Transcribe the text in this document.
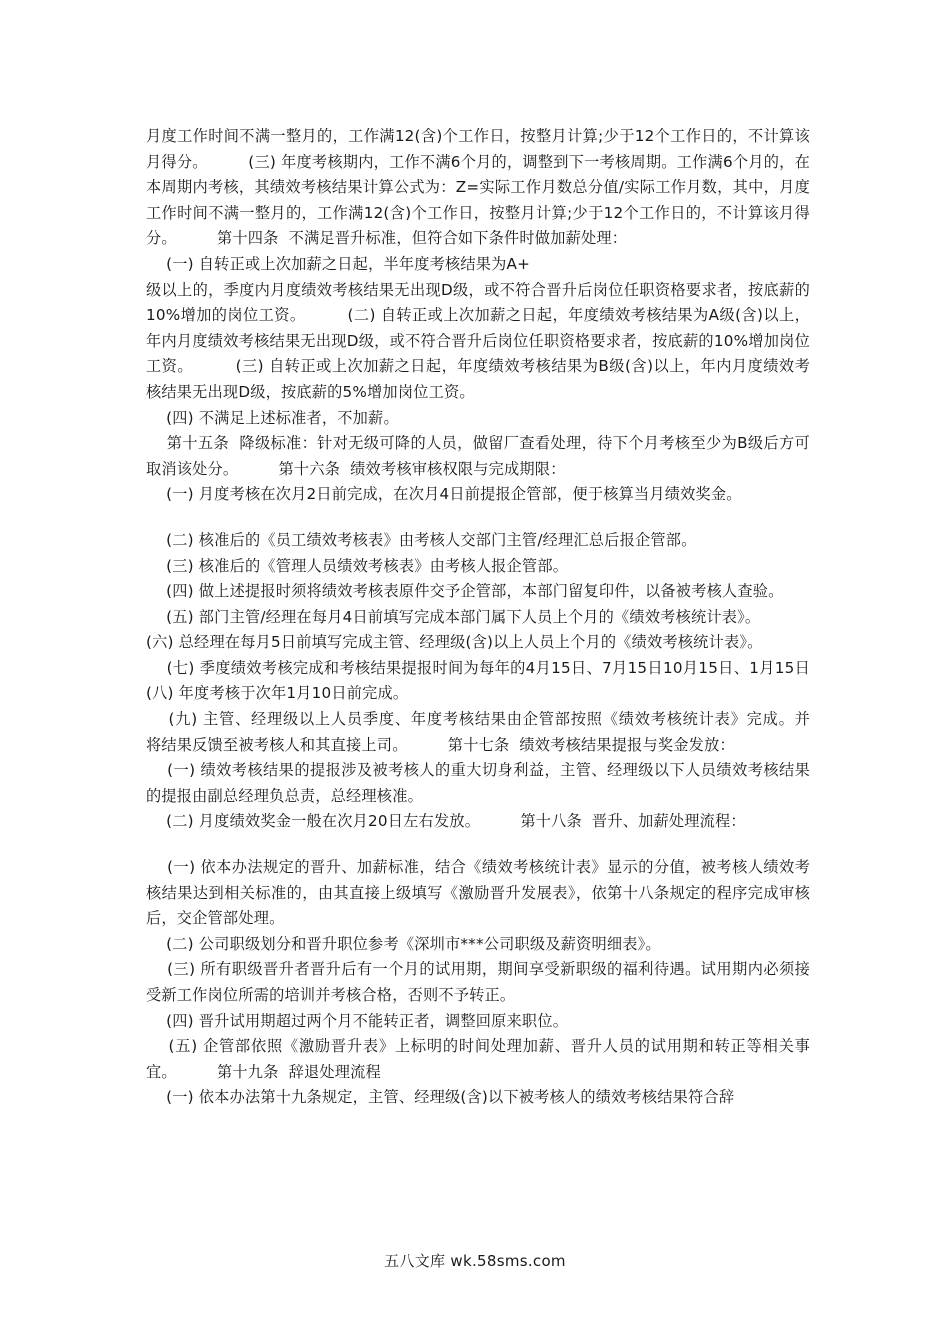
月度工作时间不满一整月的，工作满12(含)个工作日，按整月计算;少于12个工作日的，不计算该月得分。        (三) 年度考核期内，工作不满6个月的，调整到下一考核周期。工作满6个月的，在本周期内考核，其绩效考核结果计算公式为：Z=实际工作月数总分值/实际工作月数，其中，月度工作时间不满一整月的，工作满12(含)个工作日，按整月计算;少于12个工作日的，不计算该月得分。        第十四条  不满足晋升标准，但符合如下条件时做加薪处理：

(一) 自转正或上次加薪之日起，半年度考核结果为A+

级以上的，季度内月度绩效考核结果无出现D级，或不符合晋升后岗位任职资格要求者，按底薪的10%增加的岗位工资。        (二) 自转正或上次加薪之日起，年度绩效考核结果为A级(含)以上，年内月度绩效考核结果无出现D级，或不符合晋升后岗位任职资格要求者，按底薪的10%增加岗位工资。        (三) 自转正或上次加薪之日起，年度绩效考核结果为B级(含)以上，年内月度绩效考核结果无出现D级，按底薪的5%增加岗位工资。

(四) 不满足上述标准者，不加薪。

第十五条  降级标准：针对无级可降的人员，做留厂查看处理，待下个月考核至少为B级后方可取消该处分。        第十六条  绩效考核审核权限与完成期限：

(一) 月度考核在次月2日前完成，在次月4日前提报企管部，便于核算当月绩效奖金。

(二) 核准后的《员工绩效考核表》由考核人交部门主管/经理汇总后报企管部。

(三) 核准后的《管理人员绩效考核表》由考核人报企管部。

(四) 做上述提报时须将绩效考核表原件交予企管部，本部门留复印件，以备被考核人查验。

(五) 部门主管/经理在每月4日前填写完成本部门属下人员上个月的《绩效考核统计表》。

(六) 总经理在每月5日前填写完成主管、经理级(含)以上人员上个月的《绩效考核统计表》。

(七) 季度绩效考核完成和考核结果提报时间为每年的4月15日、7月15日10月15日、1月15日        (八) 年度考核于次年1月10日前完成。

(九) 主管、经理级以上人员季度、年度考核结果由企管部按照《绩效考核统计表》完成。并        将结果反馈至被考核人和其直接上司。        第十七条  绩效考核结果提报与奖金发放：

(一) 绩效考核结果的提报涉及被考核人的重大切身利益，主管、经理级以下人员绩效考核结果的提报由副总经理负总责，总经理核准。

(二) 月度绩效奖金一般在次月20日左右发放。        第十八条  晋升、加薪处理流程：

(一) 依本办法规定的晋升、加薪标准，结合《绩效考核统计表》显示的分值，被考核人绩效考核结果达到相关标准的，由其直接上级填写《激励晋升发展表》，依第十八条规定的程序完成审核后，交企管部处理。

(二) 公司职级划分和晋升职位参考《深圳市***公司职级及薪资明细表》。

(三) 所有职级晋升者晋升后有一个月的试用期，期间享受新职级的福利待遇。试用期内必须接受新工作岗位所需的培训并考核合格，否则不予转正。

(四) 晋升试用期超过两个月不能转正者，调整回原来职位。

(五) 企管部依照《激励晋升表》上标明的时间处理加薪、晋升人员的试用期和转正等相关事宜。        第十九条  辞退处理流程

(一) 依本办法第十九条规定，主管、经理级(含)以下被考核人的绩效考核结果符合辞

五八文库 wk.58sms.com
